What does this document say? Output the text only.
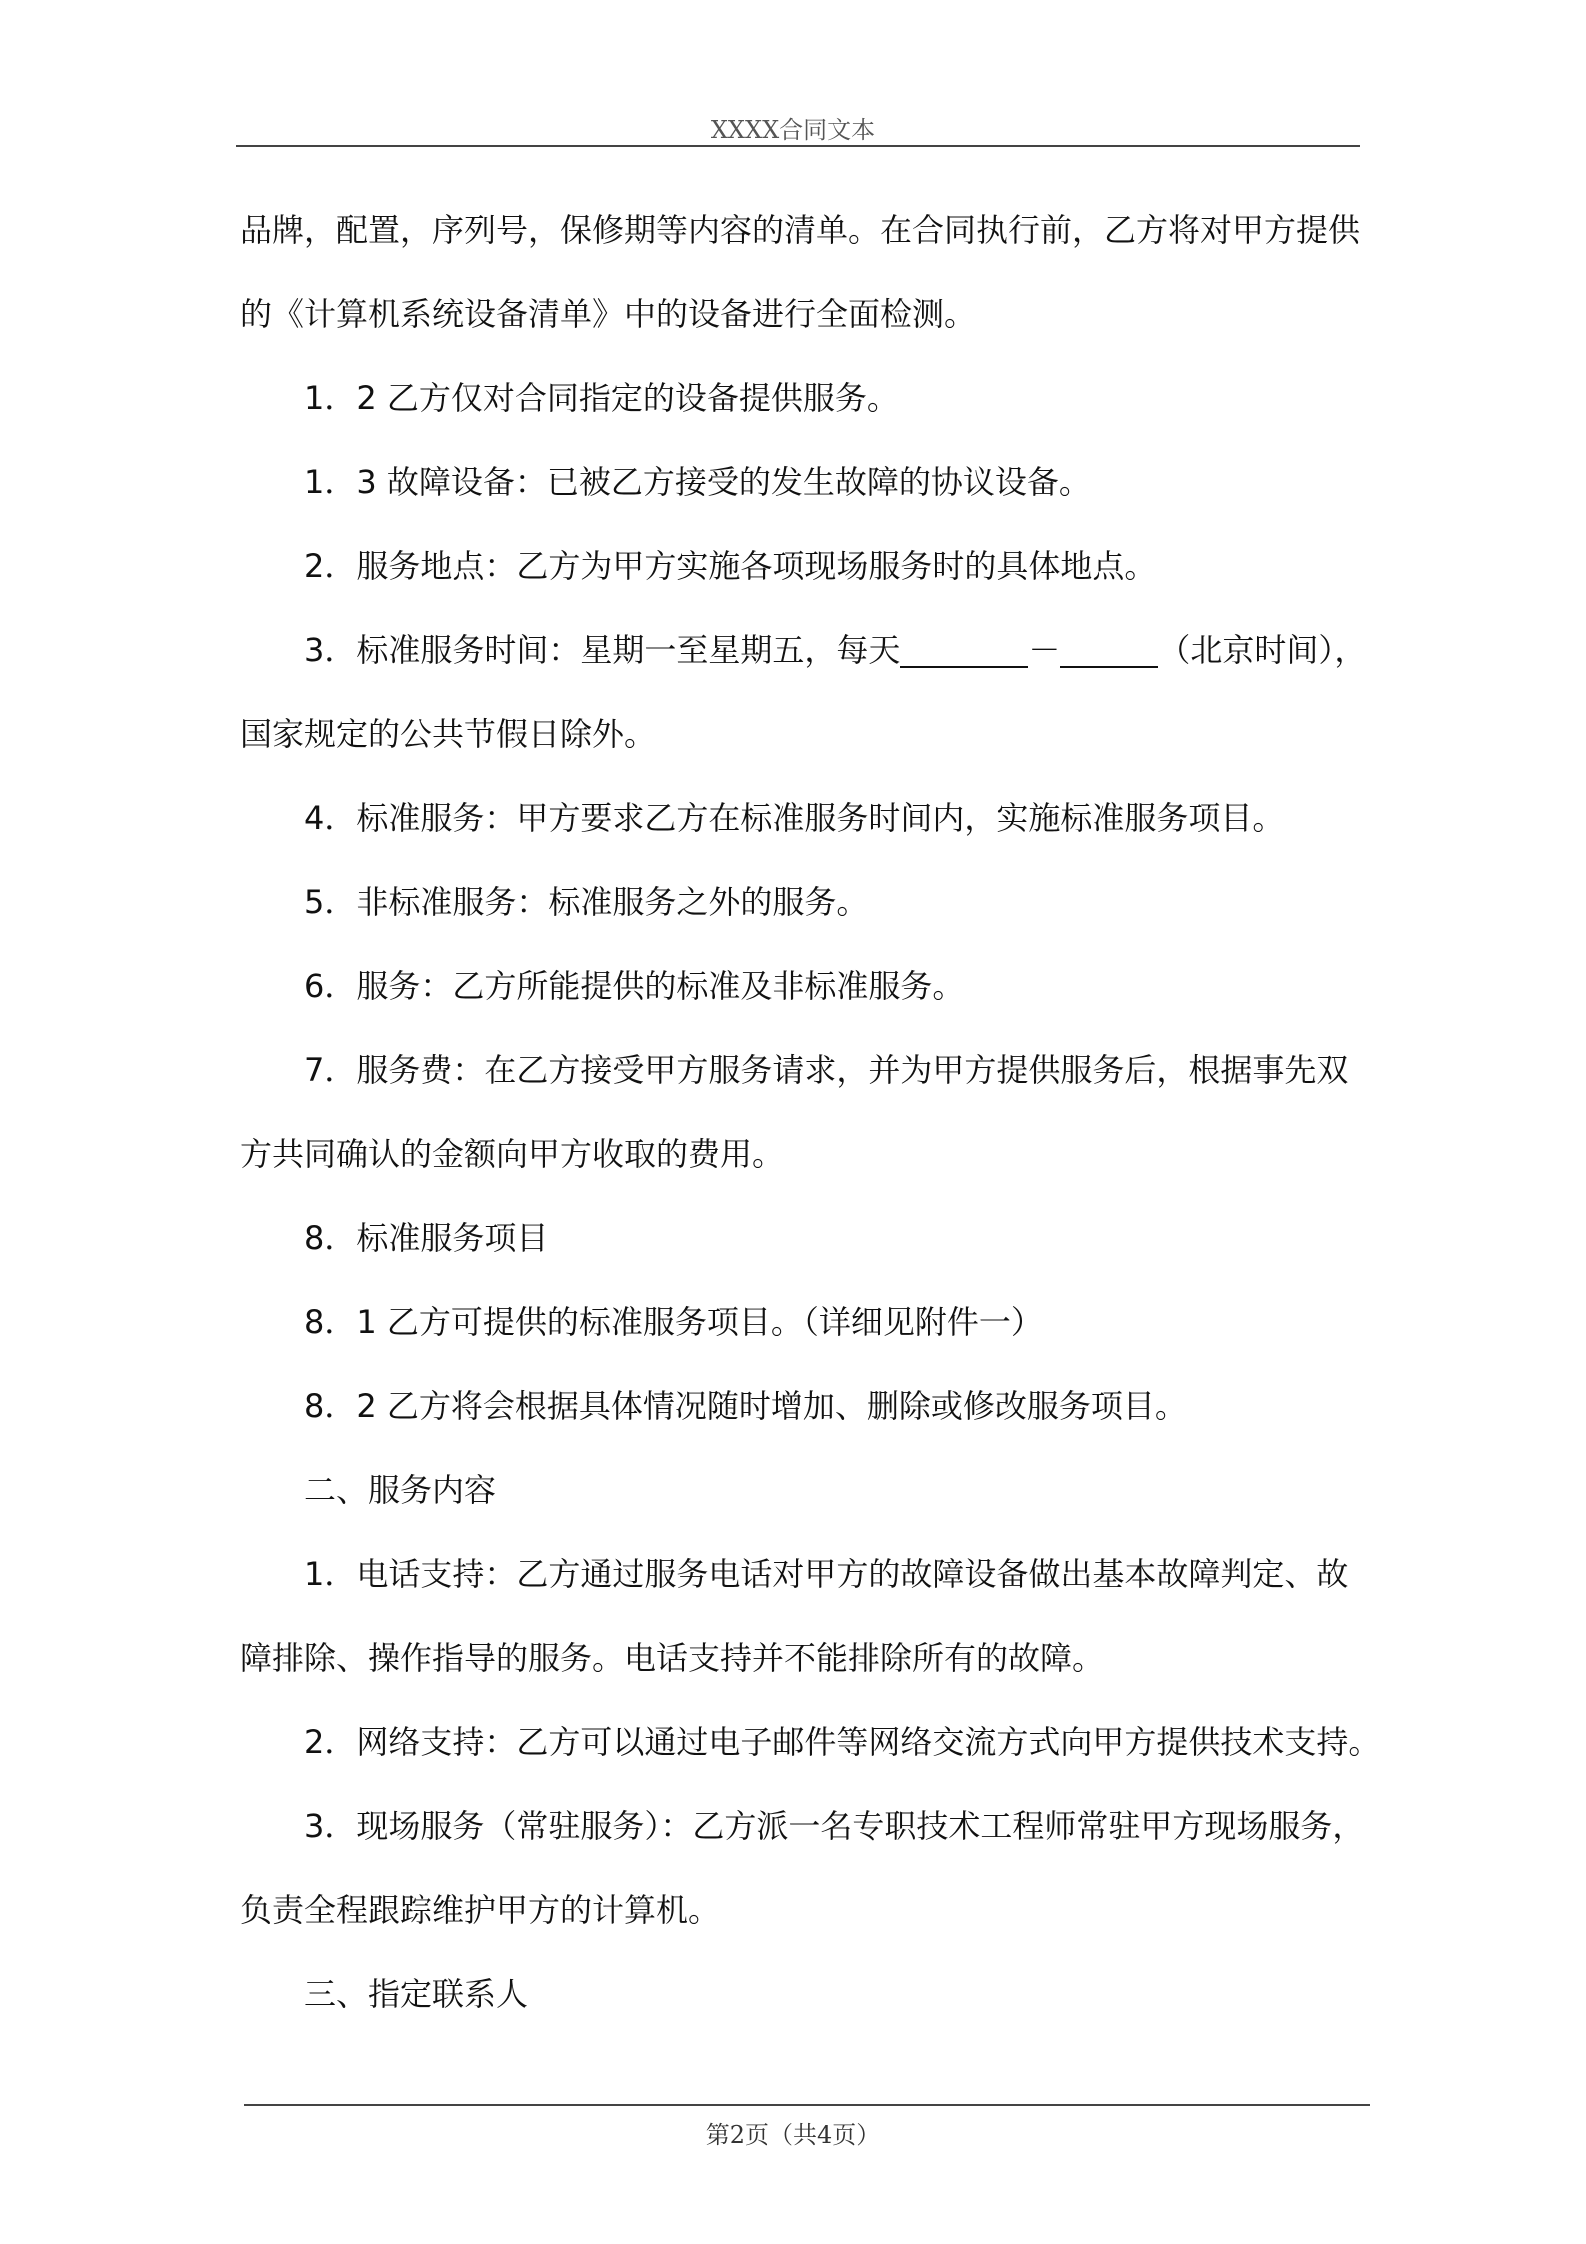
XXXX合同文本
品牌，配置，序列号，保修期等内容的清单。在合同执行前，乙方将对甲方提供
的《计算机系统设备清单》中的设备进行全面检测。
1．2 乙方仅对合同指定的设备提供服务。
1．3 故障设备：已被乙方接受的发生故障的协议设备。
2．服务地点：乙方为甲方实施各项现场服务时的具体地点。
3．标准服务时间：星期一至星期五，每天	－	（北京时间），
国家规定的公共节假日除外。
4．标准服务：甲方要求乙方在标准服务时间内，实施标准服务项目。
5．非标准服务：标准服务之外的服务。
6．服务：乙方所能提供的标准及非标准服务。
7．服务费：在乙方接受甲方服务请求，并为甲方提供服务后，根据事先双
方共同确认的金额向甲方收取的费用。
8．标准服务项目
8．1 乙方可提供的标准服务项目。（详细见附件一）
8．2 乙方将会根据具体情况随时增加、删除或修改服务项目。
二、服务内容
1．电话支持：乙方通过服务电话对甲方的故障设备做出基本故障判定、故
障排除、操作指导的服务。电话支持并不能排除所有的故障。
2．网络支持：乙方可以通过电子邮件等网络交流方式向甲方提供技术支持。
3．现场服务（常驻服务）：乙方派一名专职技术工程师常驻甲方现场服务，
负责全程跟踪维护甲方的计算机。
三、指定联系人
第2页（共4页）
